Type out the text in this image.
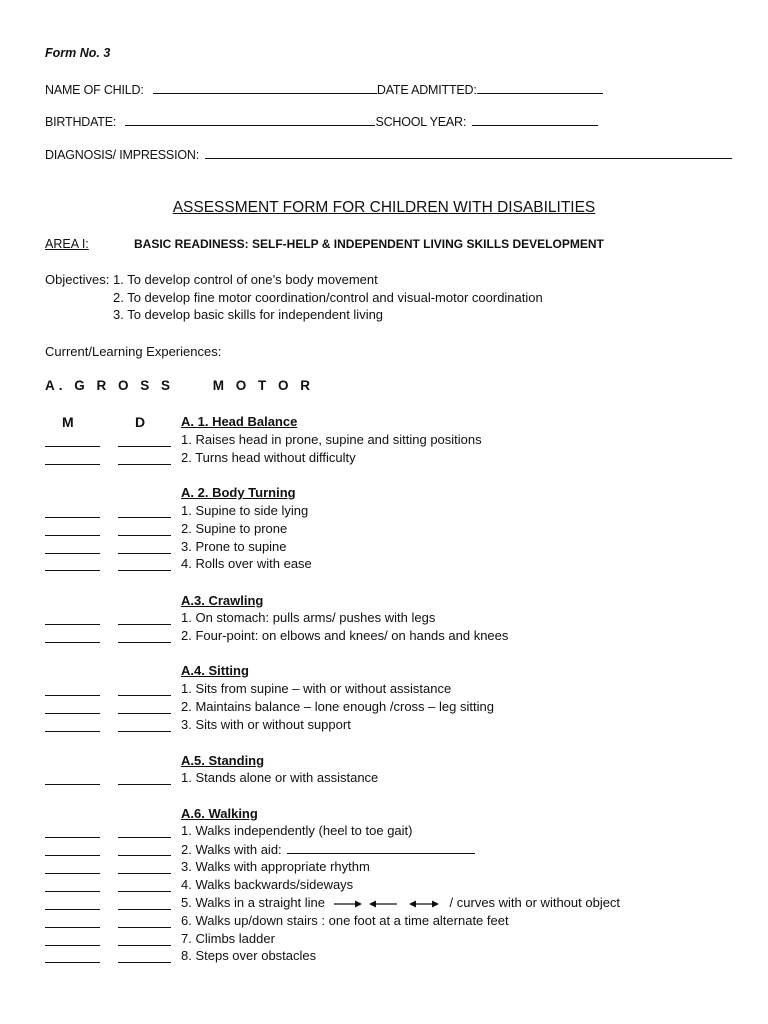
Form No. 3
NAME OF CHILD:	DATE ADMITTED:
BIRTHDATE:	SCHOOL YEAR:
DIAGNOSIS/ IMPRESSION:
ASSESSMENT FORM FOR CHILDREN WITH DISABILITIES
AREA I:	BASIC READINESS: SELF-HELP & INDEPENDENT LIVING SKILLS DEVELOPMENT
Objectives: 1. To develop control of one’s body movement
2. To develop fine motor coordination/control and visual-motor coordination
3. To develop basic skills for independent living
Current/Learning Experiences:
A. G R O S S     M O T O R
M	D	A. 1. Head Balance
1. Raises head in prone, supine and sitting positions
2. Turns head without difficulty
A. 2. Body Turning
1. Supine to side lying
2. Supine to prone
3. Prone to supine
4. Rolls over with ease
A.3. Crawling
1. On stomach: pulls arms/ pushes with legs
2. Four-point: on elbows and knees/ on hands and knees
A.4. Sitting
1. Sits from supine – with or without assistance
2. Maintains balance – lone enough /cross – leg sitting
3. Sits with or without support
A.5. Standing
1. Stands alone or with assistance
A.6. Walking
1. Walks independently (heel to toe gait)
2. Walks with aid:
3. Walks with appropriate rhythm
4. Walks backwards/sideways
5. Walks in a straight line	/ curves with or without object
6. Walks up/down stairs : one foot at a time alternate feet
7. Climbs ladder
8. Steps over obstacles
